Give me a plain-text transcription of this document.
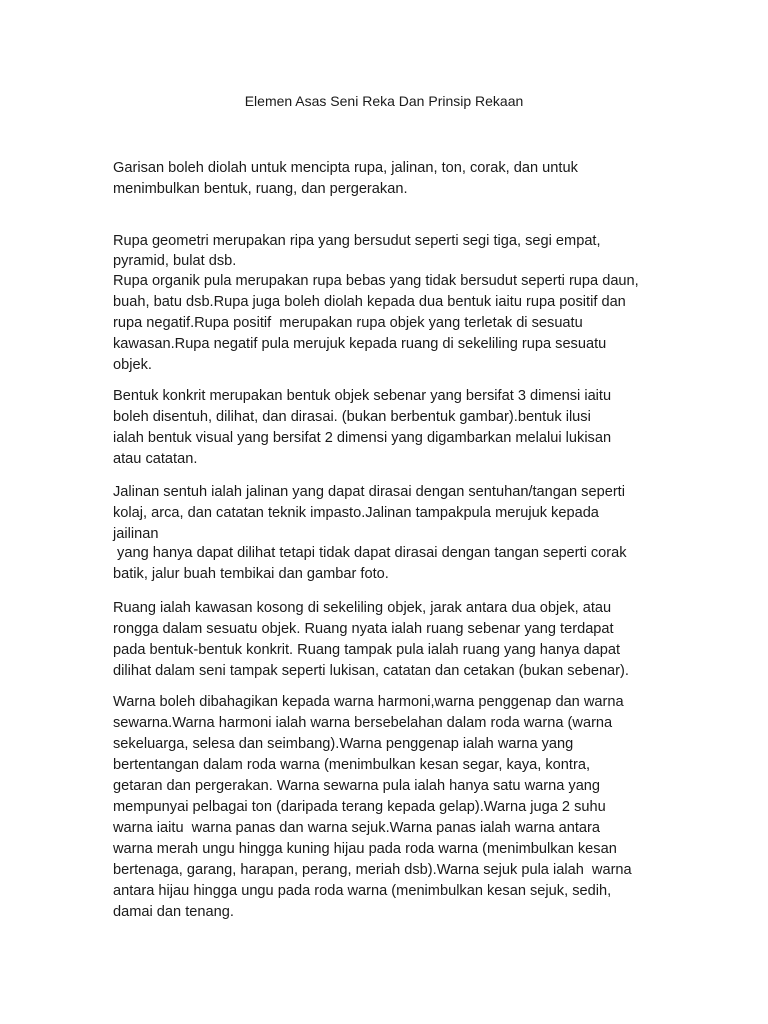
Elemen Asas Seni Reka Dan Prinsip Rekaan

Garisan boleh diolah untuk mencipta rupa, jalinan, ton, corak, dan untuk

menimbulkan bentuk, ruang, dan pergerakan.

Rupa geometri merupakan ripa yang bersudut seperti segi tiga, segi empat,

pyramid, bulat dsb.

Rupa organik pula merupakan rupa bebas yang tidak bersudut seperti rupa daun,

buah, batu dsb.Rupa juga boleh diolah kepada dua bentuk iaitu rupa positif dan

rupa negatif.Rupa positif  merupakan rupa objek yang terletak di sesuatu

kawasan.Rupa negatif pula merujuk kepada ruang di sekeliling rupa sesuatu

objek.

Bentuk konkrit merupakan bentuk objek sebenar yang bersifat 3 dimensi iaitu

boleh disentuh, dilihat, dan dirasai. (bukan berbentuk gambar).bentuk ilusi

ialah bentuk visual yang bersifat 2 dimensi yang digambarkan melalui lukisan

atau catatan.

Jalinan sentuh ialah jalinan yang dapat dirasai dengan sentuhan/tangan seperti

kolaj, arca, dan catatan teknik impasto.Jalinan tampakpula merujuk kepada

jailinan

yang hanya dapat dilihat tetapi tidak dapat dirasai dengan tangan seperti corak

batik, jalur buah tembikai dan gambar foto.

Ruang ialah kawasan kosong di sekeliling objek, jarak antara dua objek, atau

rongga dalam sesuatu objek. Ruang nyata ialah ruang sebenar yang terdapat

pada bentuk-bentuk konkrit. Ruang tampak pula ialah ruang yang hanya dapat

dilihat dalam seni tampak seperti lukisan, catatan dan cetakan (bukan sebenar).

Warna boleh dibahagikan kepada warna harmoni,warna penggenap dan warna

sewarna.Warna harmoni ialah warna bersebelahan dalam roda warna (warna

sekeluarga, selesa dan seimbang).Warna penggenap ialah warna yang

bertentangan dalam roda warna (menimbulkan kesan segar, kaya, kontra,

getaran dan pergerakan. Warna sewarna pula ialah hanya satu warna yang

mempunyai pelbagai ton (daripada terang kepada gelap).Warna juga 2 suhu

warna iaitu  warna panas dan warna sejuk.Warna panas ialah warna antara

warna merah ungu hingga kuning hijau pada roda warna (menimbulkan kesan

bertenaga, garang, harapan, perang, meriah dsb).Warna sejuk pula ialah  warna

antara hijau hingga ungu pada roda warna (menimbulkan kesan sejuk, sedih,

damai dan tenang.
